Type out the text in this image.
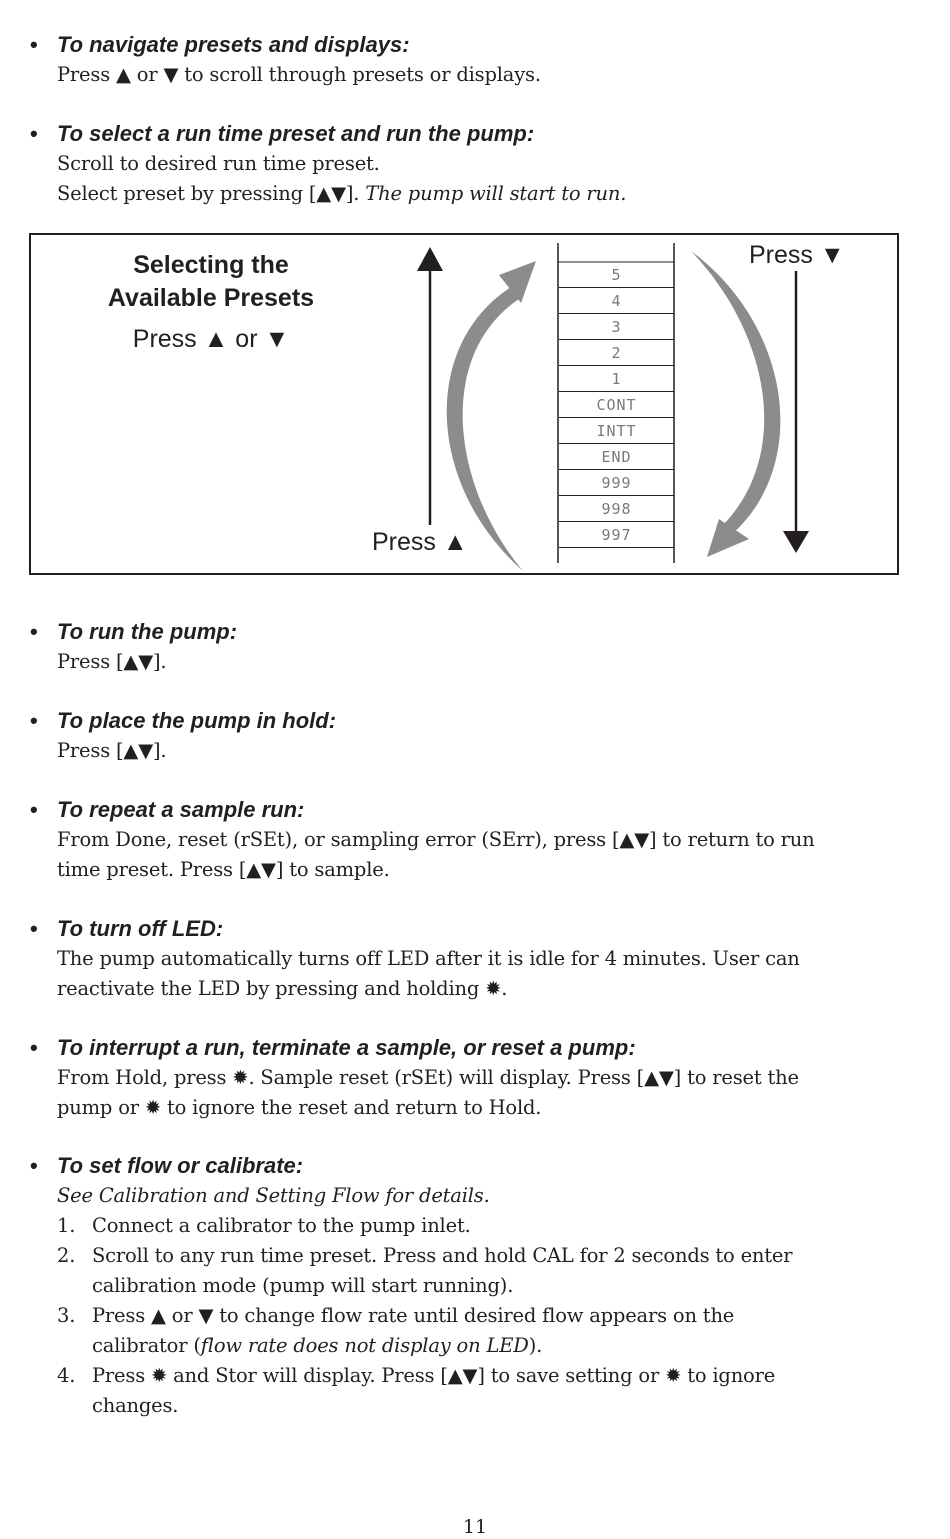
• To navigate presets and displays:

Press ▲ or ▼ to scroll through presets or displays.

• To select a run time preset and run the pump:

Scroll to desired run time preset.

Select preset by pressing [▲▼]. The pump will start to run.

Selecting the
Available Presets
Press ▲ or ▼
5
4
3
2
1
CONT
INTT
END
999
998
997
Press ▲
Press ▼

• To run the pump:

Press [▲▼].

• To place the pump in hold:

Press [▲▼].

• To repeat a sample run:

From Done, reset (rSEt), or sampling error (SErr), press [▲▼] to return to run

time preset. Press [▲▼] to sample.

• To turn off LED:

The pump automatically turns off LED after it is idle for 4 minutes. User can

reactivate the LED by pressing and holding ✹.

• To interrupt a run, terminate a sample, or reset a pump:

From Hold, press ✹. Sample reset (rSEt) will display. Press [▲▼] to reset the

pump or ✹ to ignore the reset and return to Hold.

• To set flow or calibrate:

See Calibration and Setting Flow for details.

1. Connect a calibrator to the pump inlet.

2. Scroll to any run time preset. Press and hold CAL for 2 seconds to enter

calibration mode (pump will start running).

3. Press ▲ or ▼ to change flow rate until desired flow appears on the

calibrator (flow rate does not display on LED).

4. Press ✹ and Stor will display. Press [▲▼] to save setting or ✹ to ignore

changes.

11
